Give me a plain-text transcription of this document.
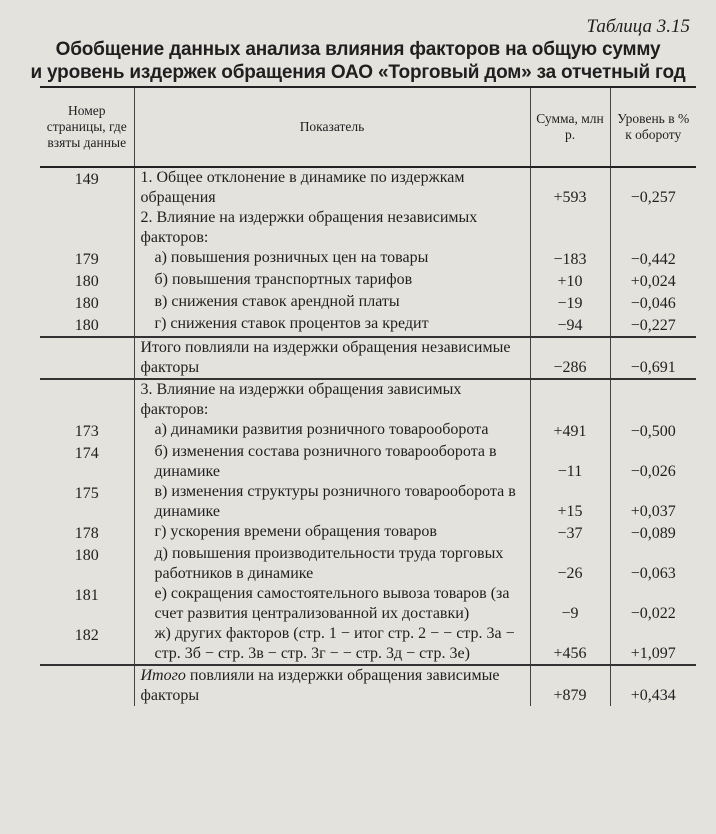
Таблица 3.15
Обобщение данных анализа влияния факторов на общую сумму
и уровень издержек обращения ОАО «Торговый дом» за отчетный год
Номер страницы, где взяты данные	Показатель	Сумма, млн р.	Уровень в % к обороту
149	1. Общее отклонение в динамике по издержкам обращения	+593	−0,257
	2. Влияние на издержки обращения независимых факторов:		
179	а) повышения розничных цен на товары	−183	−0,442
180	б) повышения транспортных тарифов	+10	+0,024
180	в) снижения ставок арендной платы	−19	−0,046
180	г) снижения ставок процентов за кредит	−94	−0,227
	Итого повлияли на издержки обращения независимые факторы	−286	−0,691
	3. Влияние на издержки обращения зависимых факторов:		
173	а) динамики развития розничного товарооборота	+491	−0,500
174	б) изменения состава розничного товарооборота в динамике	−11	−0,026
175	в) изменения структуры розничного товарооборота в динамике	+15	+0,037
178	г) ускорения времени обращения товаров	−37	−0,089
180	д) повышения производительности труда торговых работников в динамике	−26	−0,063
181	е) сокращения самостоятельного вывоза товаров (за счет развития централизованной их доставки)	−9	−0,022
182	ж) других факторов (стр. 1 − итог стр. 2 − − стр. 3а − стр. 3б − стр. 3в − стр. 3г − − стр. 3д − стр. 3е)	+456	+1,097
	Итого повлияли на издержки обращения зависимые факторы	+879	+0,434
